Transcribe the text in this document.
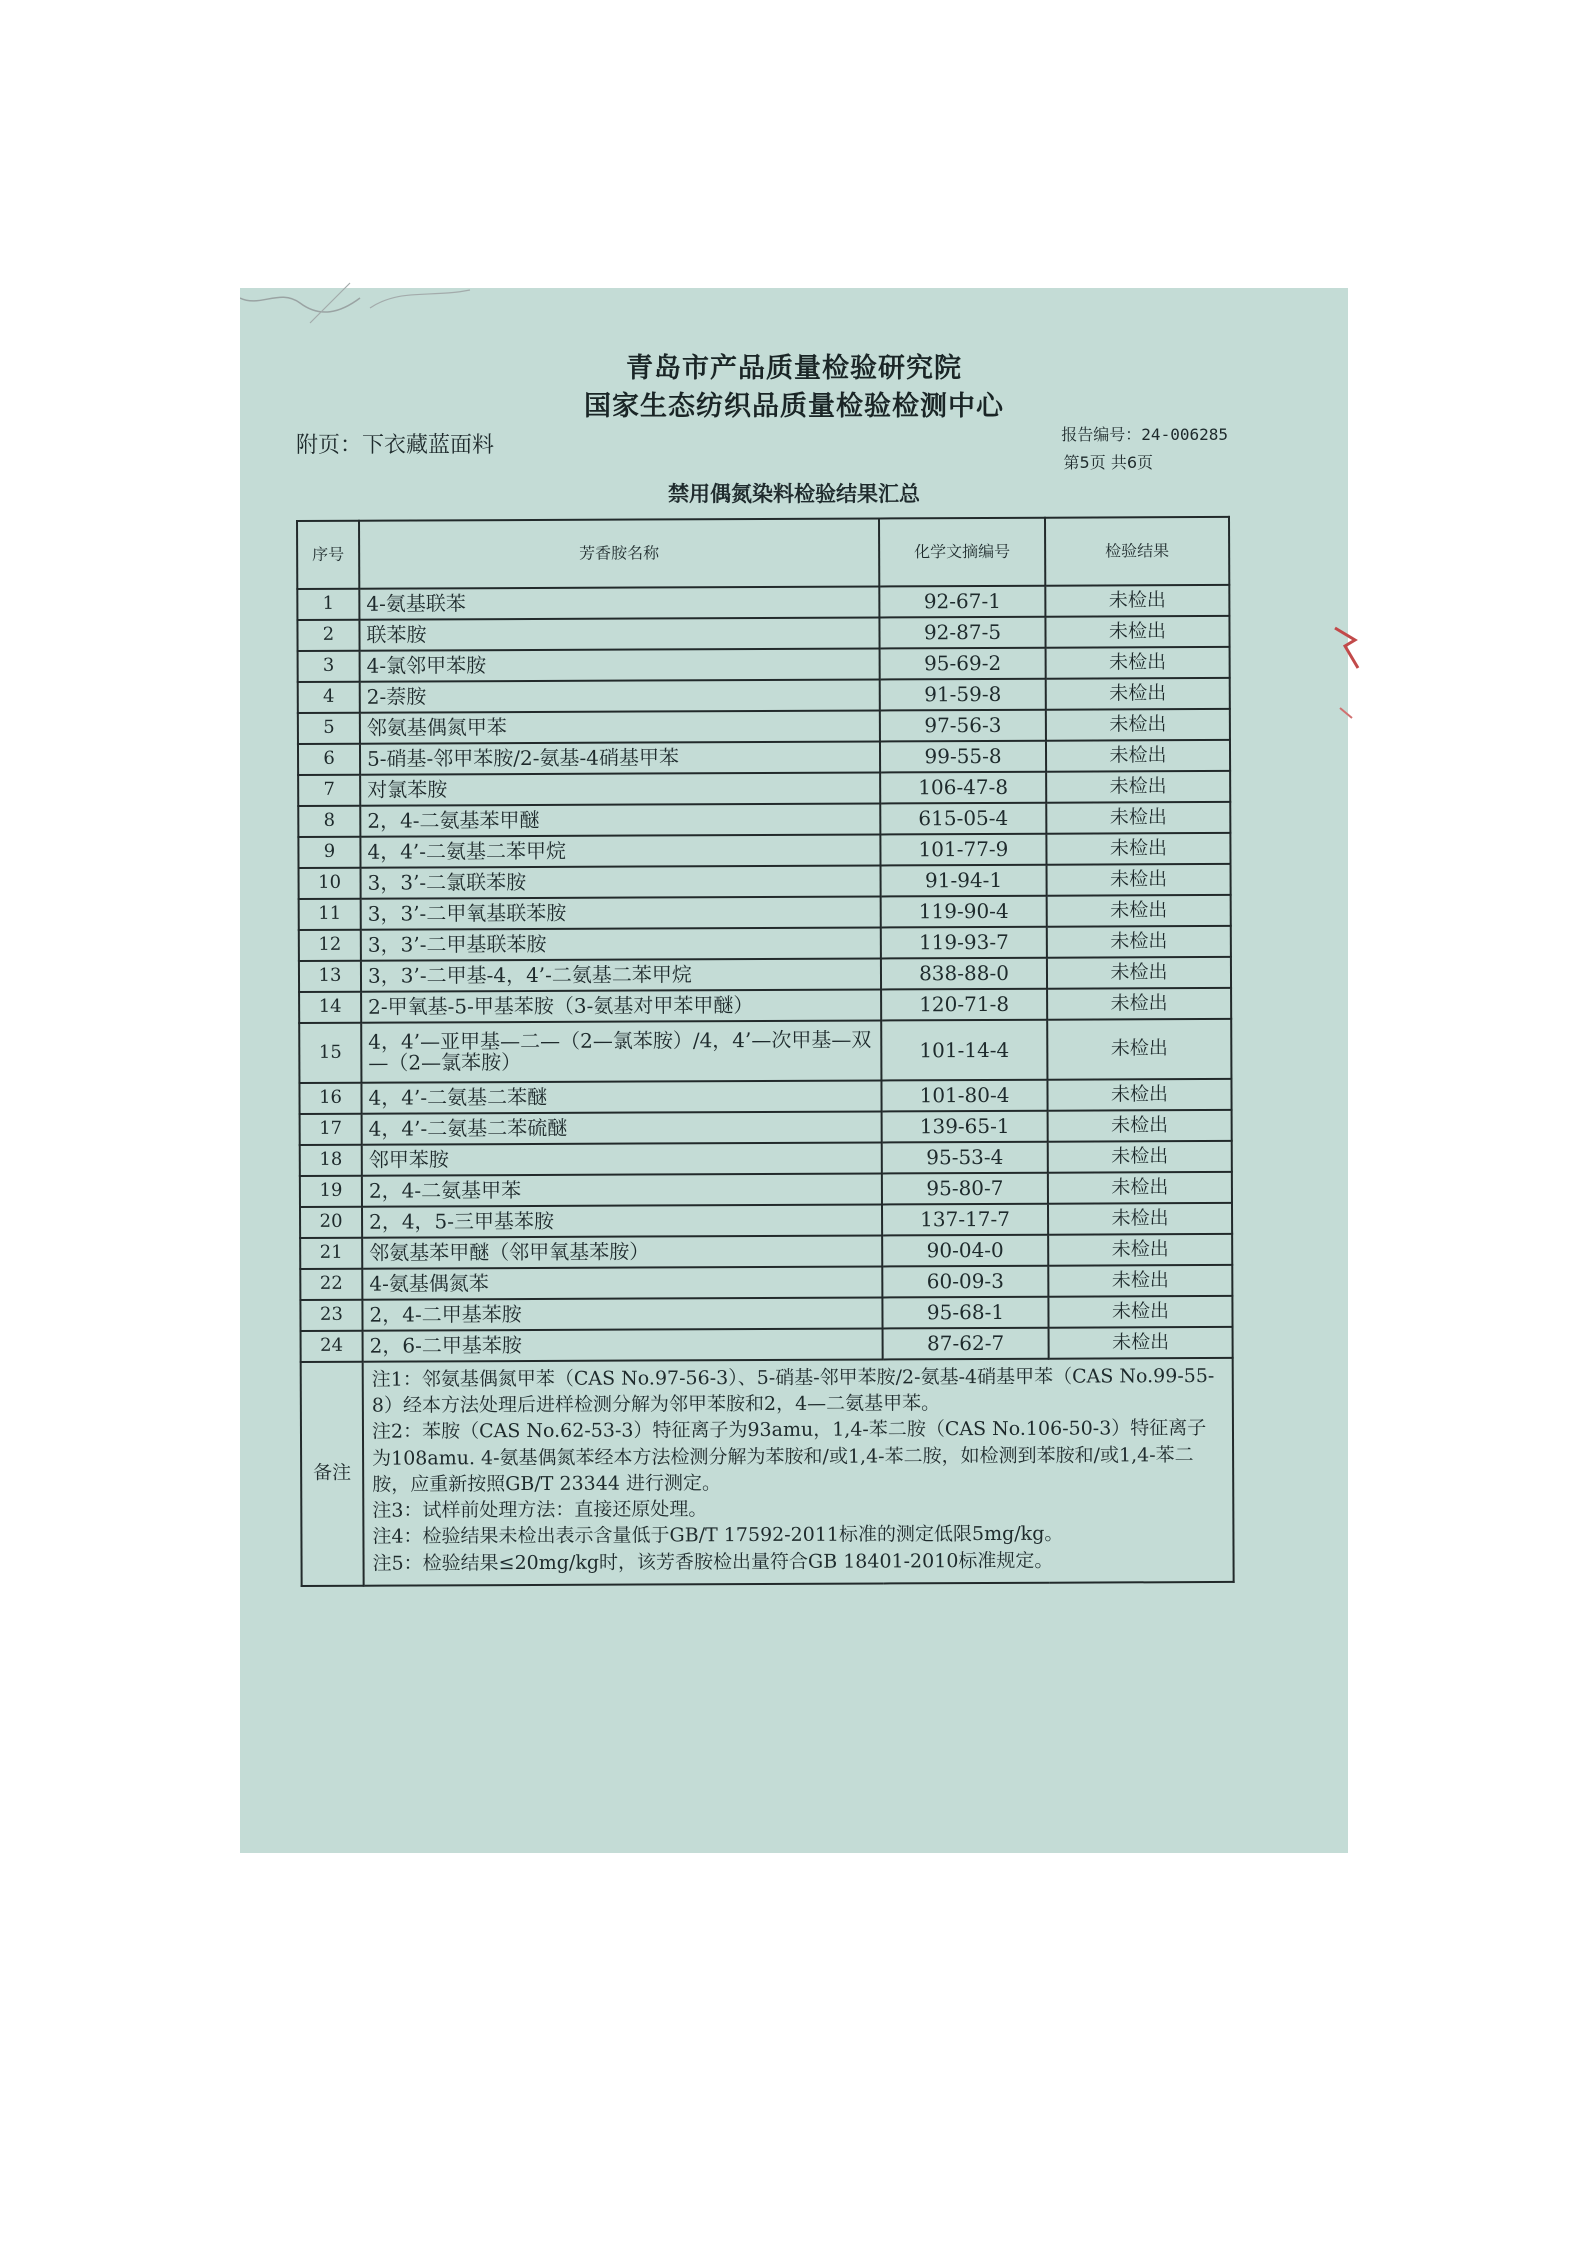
青岛市产品质量检验研究院
国家生态纺织品质量检验检测中心
附页：下衣藏蓝面料	报告编号：24-006285
第5页 共6页
禁用偶氮染料检验结果汇总
序号	芳香胺名称	化学文摘编号	检验结果
1	4-氨基联苯	92-67-1	未检出
2	联苯胺	92-87-5	未检出
3	4-氯邻甲苯胺	95-69-2	未检出
4	2-萘胺	91-59-8	未检出
5	邻氨基偶氮甲苯	97-56-3	未检出
6	5-硝基-邻甲苯胺/2-氨基-4硝基甲苯	99-55-8	未检出
7	对氯苯胺	106-47-8	未检出
8	2，4-二氨基苯甲醚	615-05-4	未检出
9	4，4’-二氨基二苯甲烷	101-77-9	未检出
10	3，3’-二氯联苯胺	91-94-1	未检出
11	3，3’-二甲氧基联苯胺	119-90-4	未检出
12	3，3’-二甲基联苯胺	119-93-7	未检出
13	3，3’-二甲基-4，4’-二氨基二苯甲烷	838-88-0	未检出
14	2-甲氧基-5-甲基苯胺（3-氨基对甲苯甲醚）	120-71-8	未检出
15	4，4’—亚甲基—二—（2—氯苯胺）/4，4’—次甲基—双—（2—氯苯胺）	101-14-4	未检出
16	4，4’-二氨基二苯醚	101-80-4	未检出
17	4，4’-二氨基二苯硫醚	139-65-1	未检出
18	邻甲苯胺	95-53-4	未检出
19	2，4-二氨基甲苯	95-80-7	未检出
20	2，4，5-三甲基苯胺	137-17-7	未检出
21	邻氨基苯甲醚（邻甲氧基苯胺）	90-04-0	未检出
22	4-氨基偶氮苯	60-09-3	未检出
23	2，4-二甲基苯胺	95-68-1	未检出
24	2，6-二甲基苯胺	87-62-7	未检出
备注	注1：邻氨基偶氮甲苯（CAS No.97-56-3）、5-硝基-邻甲苯胺/2-氨基-4硝基甲苯（CAS No.99-55-8）经本方法处理后进样检测分解为邻甲苯胺和2，4—二氨基甲苯。

注2：苯胺（CAS No.62-53-3）特征离子为93amu，1,4-苯二胺（CAS No.106-50-3）特征离子为108amu. 4-氨基偶氮苯经本方法检测分解为苯胺和/或1,4-苯二胺，如检测到苯胺和/或1,4-苯二胺，应重新按照GB/T 23344 进行测定。

注3：试样前处理方法：直接还原处理。

注4：检验结果未检出表示含量低于GB/T 17592-2011标准的测定低限5mg/kg。

注5：检验结果≤20mg/kg时，该芳香胺检出量符合GB 18401-2010标准规定。		
